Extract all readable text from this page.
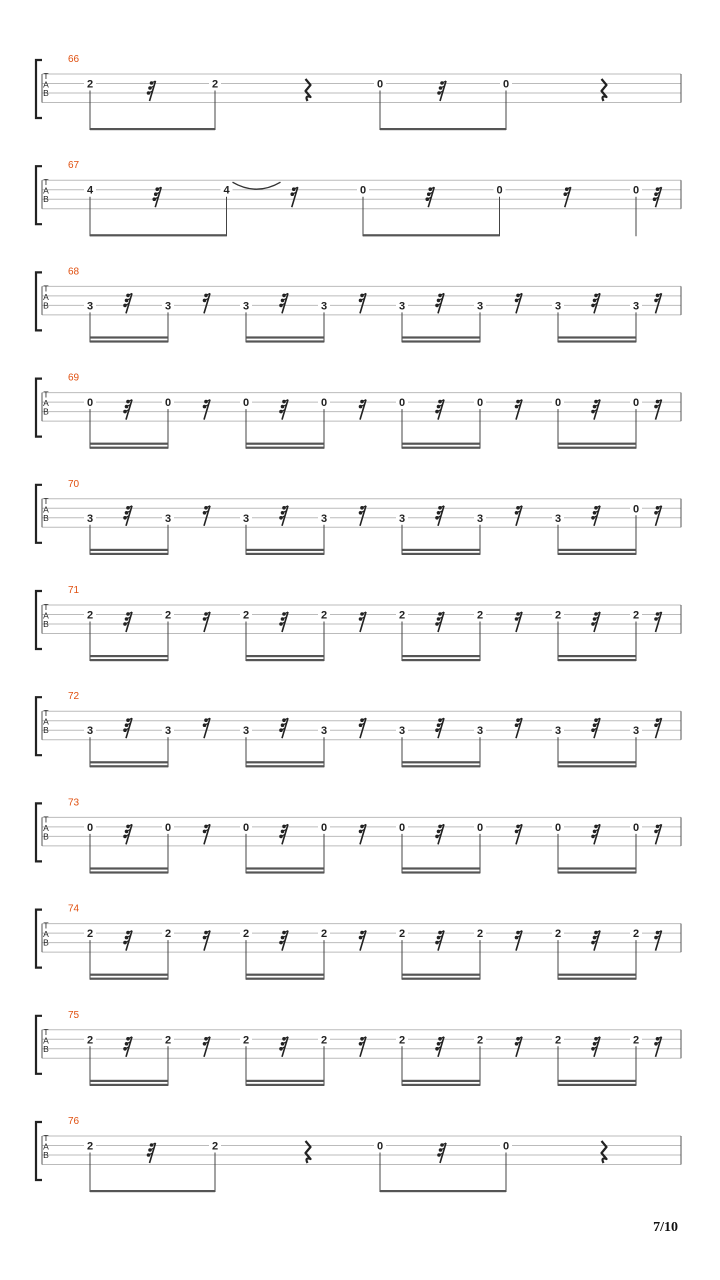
66
T
A
B
2	2	0	0
67
T
A
B
4	4	0	0	0
68
T
A
B	3	3	3	3	3	3	3	3
69
T
A
B
0	0	0	0	0	0	0	0
70
T
A
B	3	3	3	3	3	3	3
0
71
T
A
B
2	2	2	2	2	2	2	2
72
T
A
B	3	3	3	3	3	3	3	3
73
T
A
B
0	0	0	0	0	0	0	0
74
T
A
B
2	2	2	2	2	2	2	2
75
T
A
B
2	2	2	2	2	2	2	2
76
T
A
B
2	2	0	0
7/10
